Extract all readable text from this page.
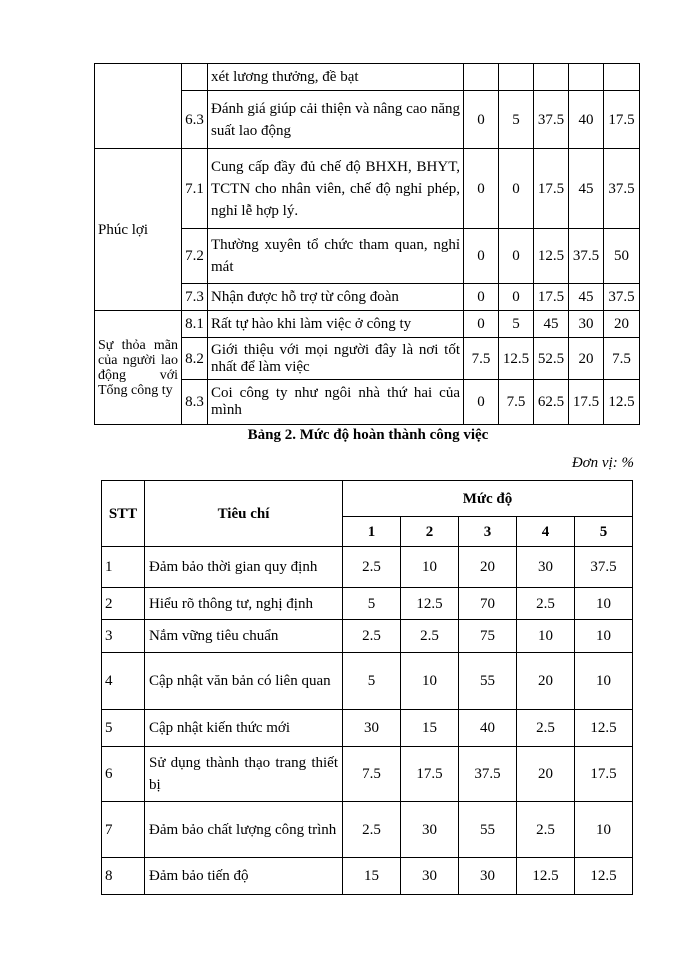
		xét lương thưởng, đề bạt					
	6.3	Đánh giá giúp cải thiện và nâng cao năng suất lao động	0	5	37.5	40	17.5
Phúc lợi	7.1	Cung cấp đầy đủ chế độ BHXH, BHYT, TCTN cho nhân viên, chế độ nghỉ phép, nghỉ lễ hợp lý.	0	0	17.5	45	37.5
	7.2	Thường xuyên tổ chức tham quan, nghỉ mát	0	0	12.5	37.5	50
	7.3	Nhận được hỗ trợ từ công đoàn	0	0	17.5	45	37.5
Sự thỏa mãn của người lao động với Tổng công ty	8.1	Rất tự hào khi làm việc ở công ty	0	5	45	30	20
	8.2	Giới thiệu với mọi người đây là nơi tốt nhất để làm việc	7.5	12.5	52.5	20	7.5
	8.3	Coi công ty như ngôi nhà thứ hai của mình	0	7.5	62.5	17.5	12.5
Bảng 2. Mức độ hoàn thành công việc
Đơn vị: %
STT	Tiêu chí	Mức độ				
		1	2	3	4	5
1	Đảm bảo thời gian quy định	2.5	10	20	30	37.5
2	Hiểu rõ thông tư, nghị định	5	12.5	70	2.5	10
3	Nắm vững tiêu chuẩn	2.5	2.5	75	10	10
4	Cập nhật văn bản có liên quan	5	10	55	20	10
5	Cập nhật kiến thức mới	30	15	40	2.5	12.5
6	Sử dụng thành thạo trang thiết bị	7.5	17.5	37.5	20	17.5
7	Đảm bảo chất lượng công trình	2.5	30	55	2.5	10
8	Đảm bảo tiến độ	15	30	30	12.5	12.5
